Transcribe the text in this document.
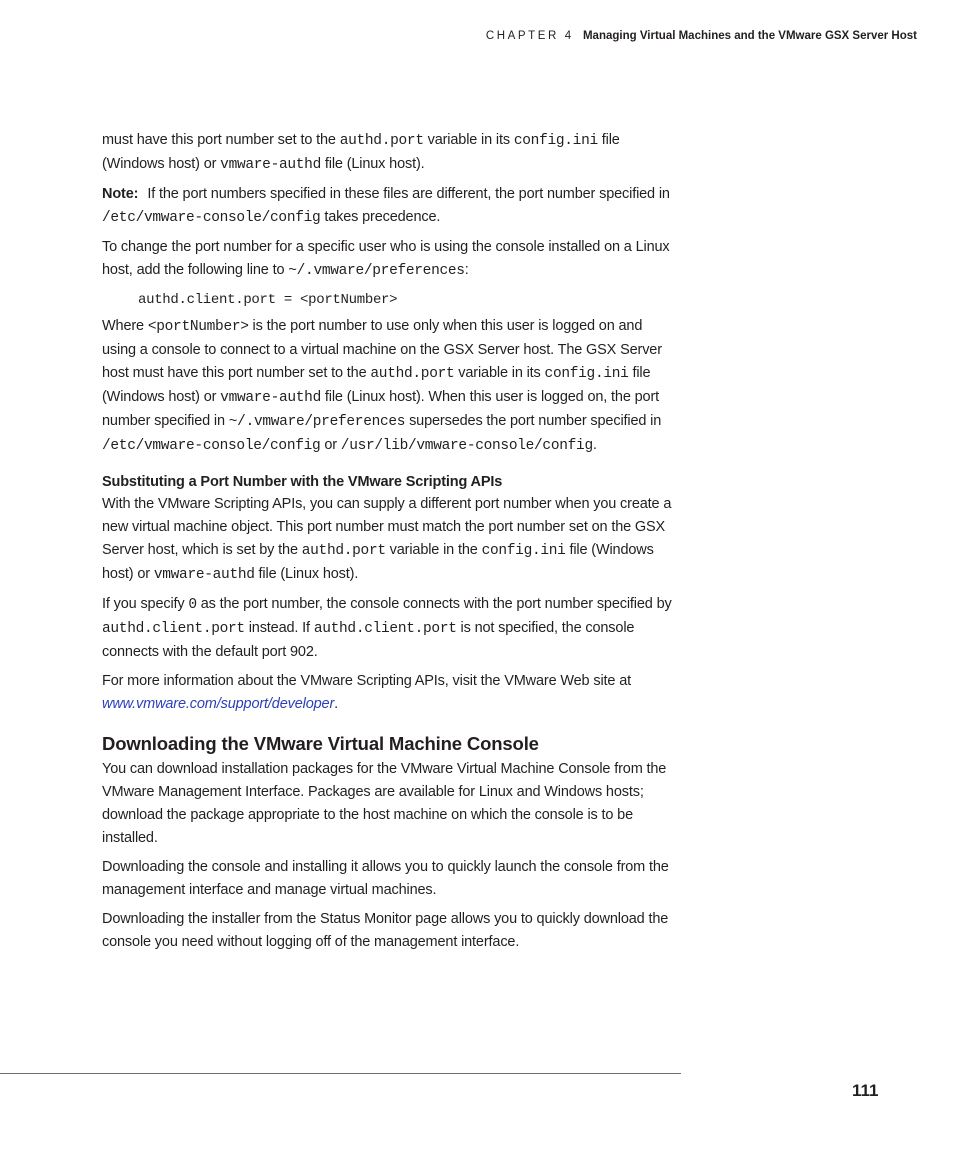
CHAPTER 4 Managing Virtual Machines and the VMware GSX Server Host

must have this port number set to the authd.port variable in its config.ini file (Windows host) or vmware-authd file (Linux host).

Note: If the port numbers specified in these files are different, the port number specified in /etc/vmware-console/config takes precedence.

To change the port number for a specific user who is using the console installed on a Linux host, add the following line to ~/.vmware/preferences:

authd.client.port = <portNumber>

Where <portNumber> is the port number to use only when this user is logged on and using a console to connect to a virtual machine on the GSX Server host. The GSX Server host must have this port number set to the authd.port variable in its config.ini file (Windows host) or vmware-authd file (Linux host). When this user is logged on, the port number specified in ~/.vmware/preferences supersedes the port number specified in /etc/vmware-console/config or /usr/lib/vmware-console/config.

Substituting a Port Number with the VMware Scripting APIs

With the VMware Scripting APIs, you can supply a different port number when you create a new virtual machine object. This port number must match the port number set on the GSX Server host, which is set by the authd.port variable in the config.ini file (Windows host) or vmware-authd file (Linux host).

If you specify 0 as the port number, the console connects with the port number specified by authd.client.port instead. If authd.client.port is not specified, the console connects with the default port 902.

For more information about the VMware Scripting APIs, visit the VMware Web site at www.vmware.com/support/developer.

Downloading the VMware Virtual Machine Console

You can download installation packages for the VMware Virtual Machine Console from the VMware Management Interface. Packages are available for Linux and Windows hosts; download the package appropriate to the host machine on which the console is to be installed.

Downloading the console and installing it allows you to quickly launch the console from the management interface and manage virtual machines.

Downloading the installer from the Status Monitor page allows you to quickly download the console you need without logging off of the management interface.

111
